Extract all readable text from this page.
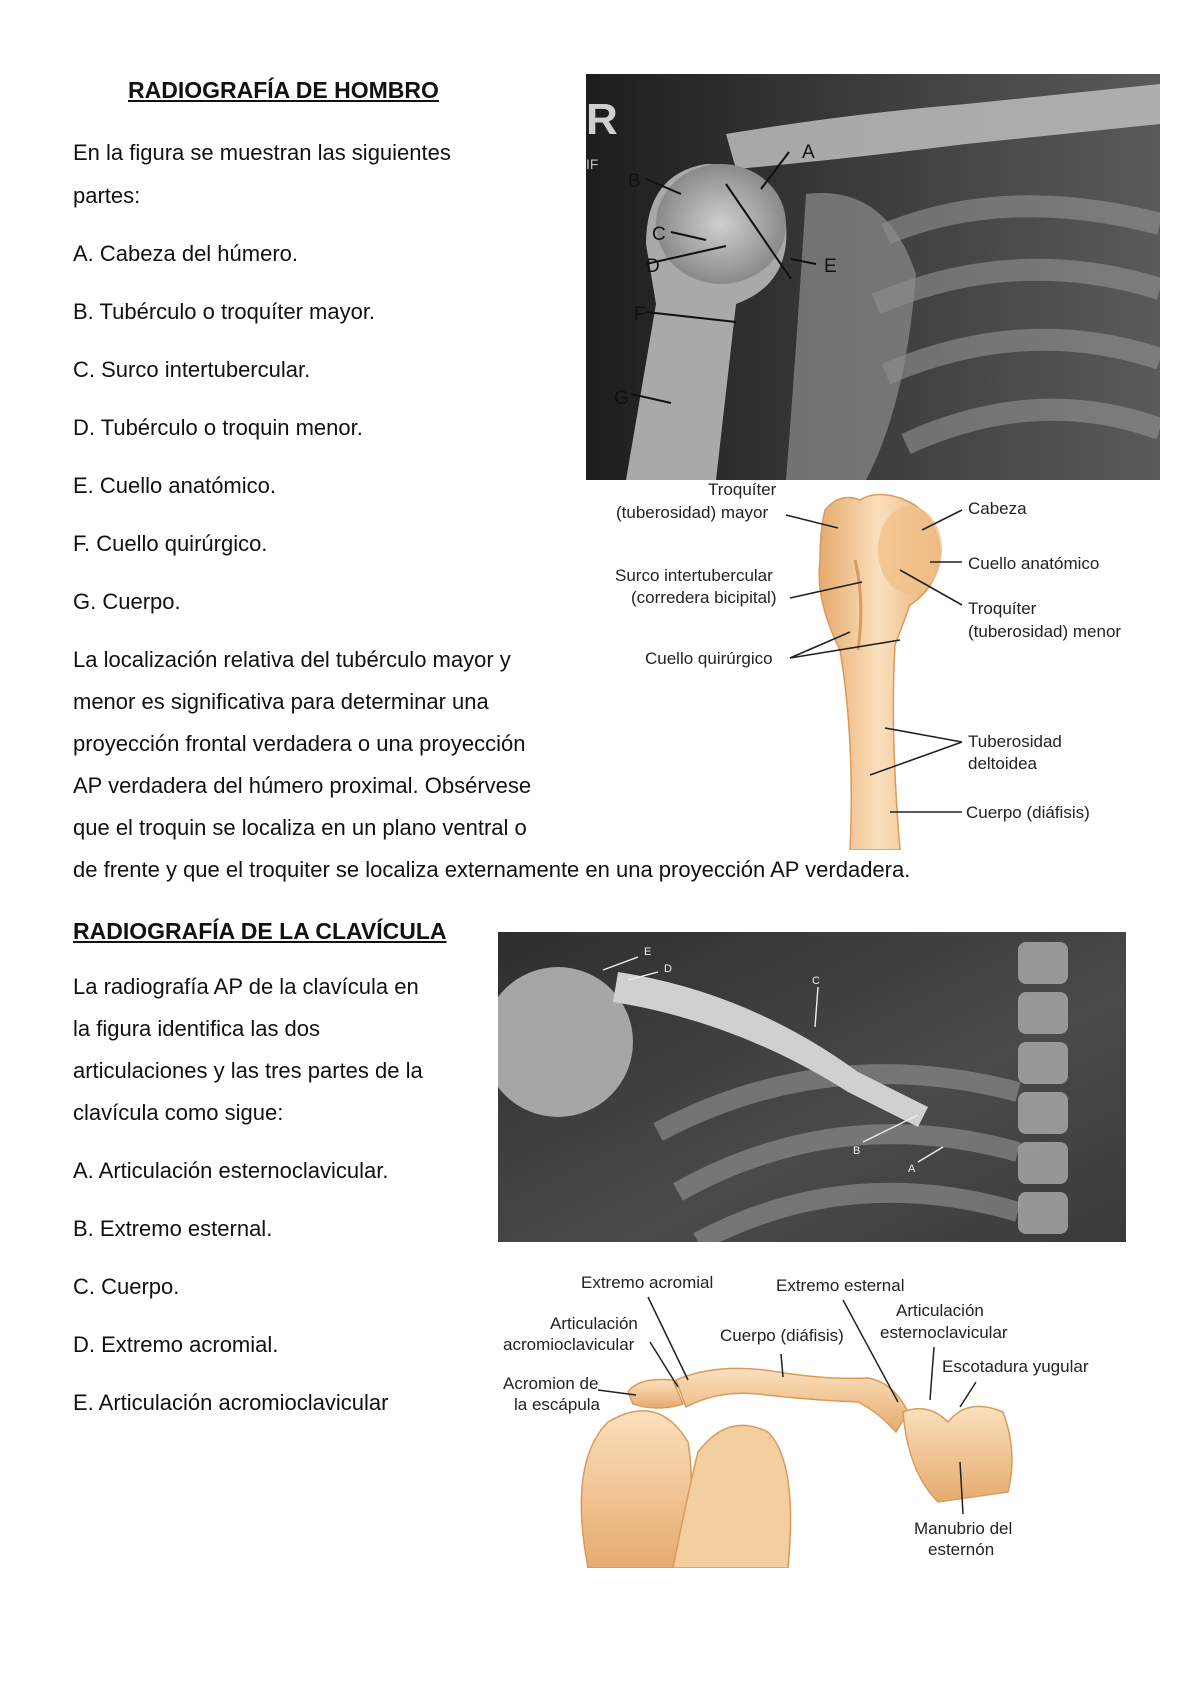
RADIOGRAFÍA DE HOMBRO
En la figura se muestran las siguientes
partes:
A. Cabeza del húmero.
B. Tubérculo o troquíter mayor.
C. Surco intertubercular.
D. Tubérculo o troquin menor.
E. Cuello anatómico.
F. Cuello quirúrgico.
G. Cuerpo.
La localización relativa del tubérculo mayor y
menor es significativa para determinar una
proyección frontal verdadera o una proyección
AP verdadera del húmero proximal. Obsérvese
que el troquin se localiza en un plano ventral o
de frente y que el troquiter se localiza externamente en una proyección AP verdadera.
R
IF
A
B
C
D	E
F
G
Troquíter
(tuberosidad) mayor	Cabeza
Cuello anatómico
Surco intertubercular
(corredera bicipital)
Troquíter
(tuberosidad) menor
Cuello quirúrgico
Tuberosidad
deltoidea
Cuerpo (diáfisis)
RADIOGRAFÍA DE LA CLAVÍCULA
La radiografía AP de la clavícula en
la figura identifica las dos
articulaciones y las tres partes de la
clavícula como sigue:
A. Articulación esternoclavicular.
B. Extremo esternal.
C. Cuerpo.
D. Extremo acromial.
E. Articulación acromioclavicular
E
D
C
B
A
Extremo acromial	Extremo esternal
Articulación
acromioclavicular	Cuerpo (diáfisis)
Articulación
esternoclavicular
Escotadura yugular
Acromion de
la escápula
Manubrio del
esternón
